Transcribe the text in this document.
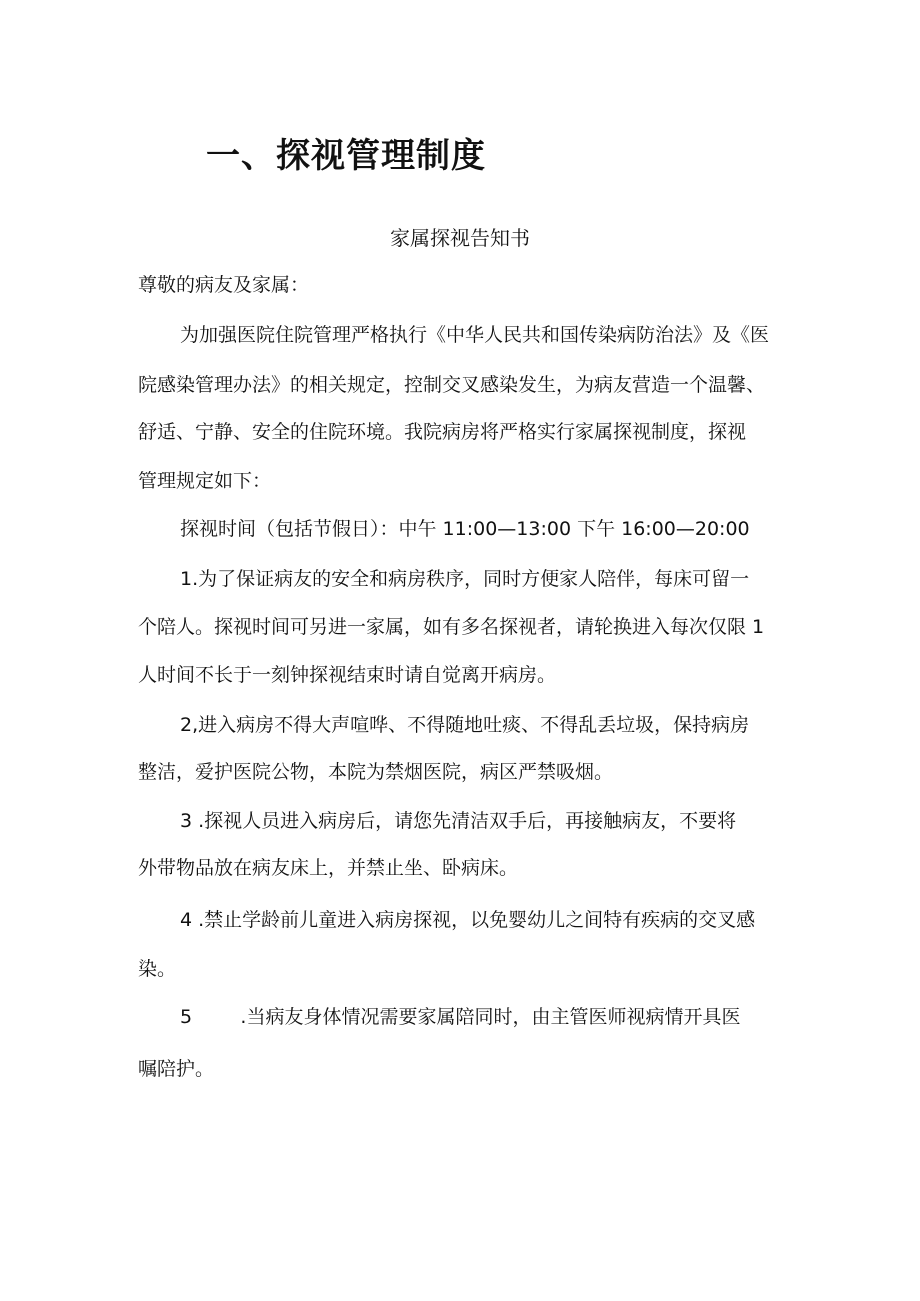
一、探视管理制度
家属探视告知书

尊敬的病友及家属：

为加强医院住院管理严格执行《中华人民共和国传染病防治法》及《医

院感染管理办法》的相关规定，控制交叉感染发生，为病友营造一个温馨、

舒适、宁静、安全的住院环境。我院病房将严格实行家属探视制度，探视

管理规定如下：

探视时间（包括节假日）：中午 11:00—13:00 下午 16:00—20:00

1.为了保证病友的安全和病房秩序，同时方便家人陪伴，每床可留一

个陪人。探视时间可另进一家属，如有多名探视者，请轮换进入每次仅限 1

人时间不长于一刻钟探视结束时请自觉离开病房。

2,进入病房不得大声喧哗、不得随地吐痰、不得乱丢垃圾，保持病房

整洁，爱护医院公物，本院为禁烟医院，病区严禁吸烟。

3 .探视人员进入病房后，请您先清洁双手后，再接触病友，不要将

外带物品放在病友床上，并禁止坐、卧病床。

4 .禁止学龄前儿童进入病房探视，以免婴幼儿之间特有疾病的交叉感

染。

5        .当病友身体情况需要家属陪同时，由主管医师视病情开具医

嘱陪护。
